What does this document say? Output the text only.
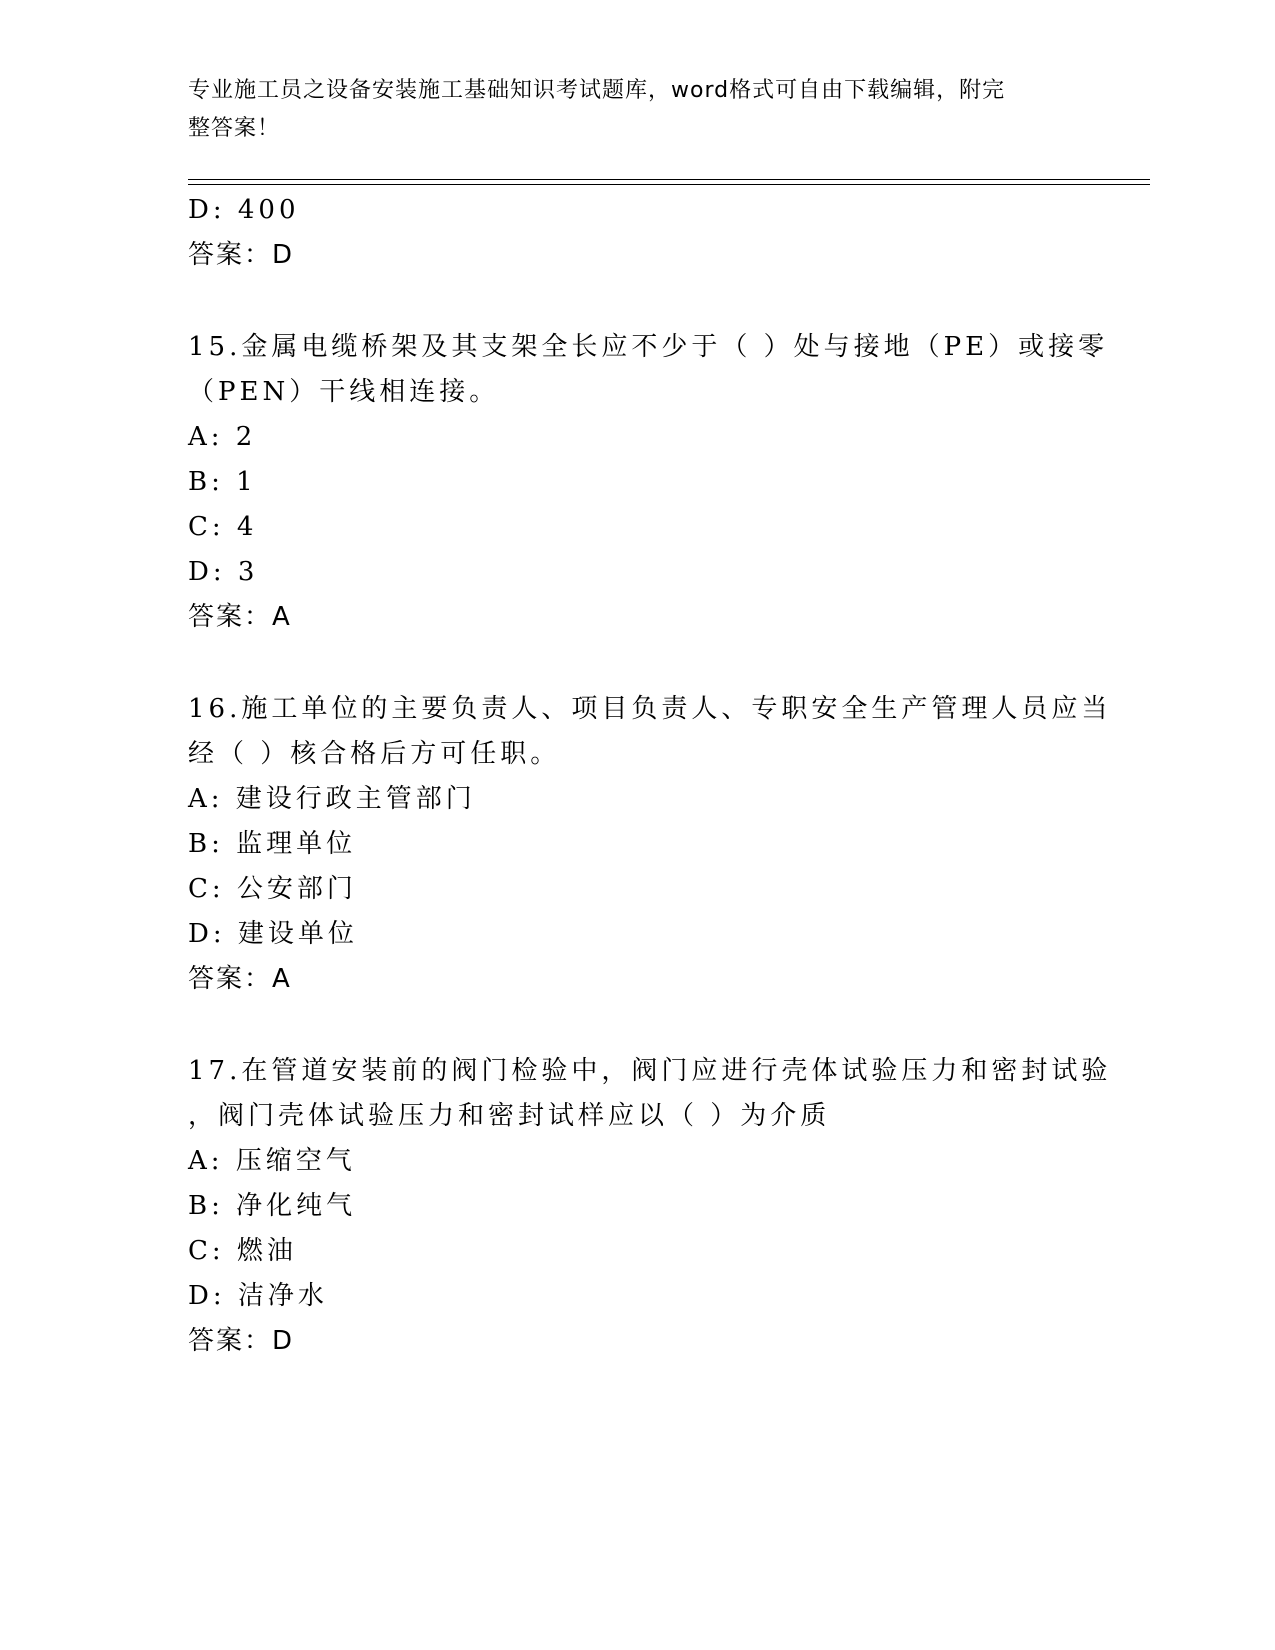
专业施工员之设备安装施工基础知识考试题库，word格式可自由下载编辑，附完
整答案！
D: 400
答案：D
15.金属电缆桥架及其支架全长应不少于（ ）处与接地（PE）或接零
（PEN）干线相连接。
A: 2
B: 1
C: 4
D: 3
答案：A
16.施工单位的主要负责人、项目负责人、专职安全生产管理人员应当
经（ ）核合格后方可任职。
A: 建设行政主管部门
B: 监理单位
C: 公安部门
D: 建设单位
答案：A
17.在管道安装前的阀门检验中，阀门应进行壳体试验压力和密封试验
，阀门壳体试验压力和密封试样应以（ ）为介质
A: 压缩空气
B: 净化纯气
C: 燃油
D: 洁净水
答案：D
